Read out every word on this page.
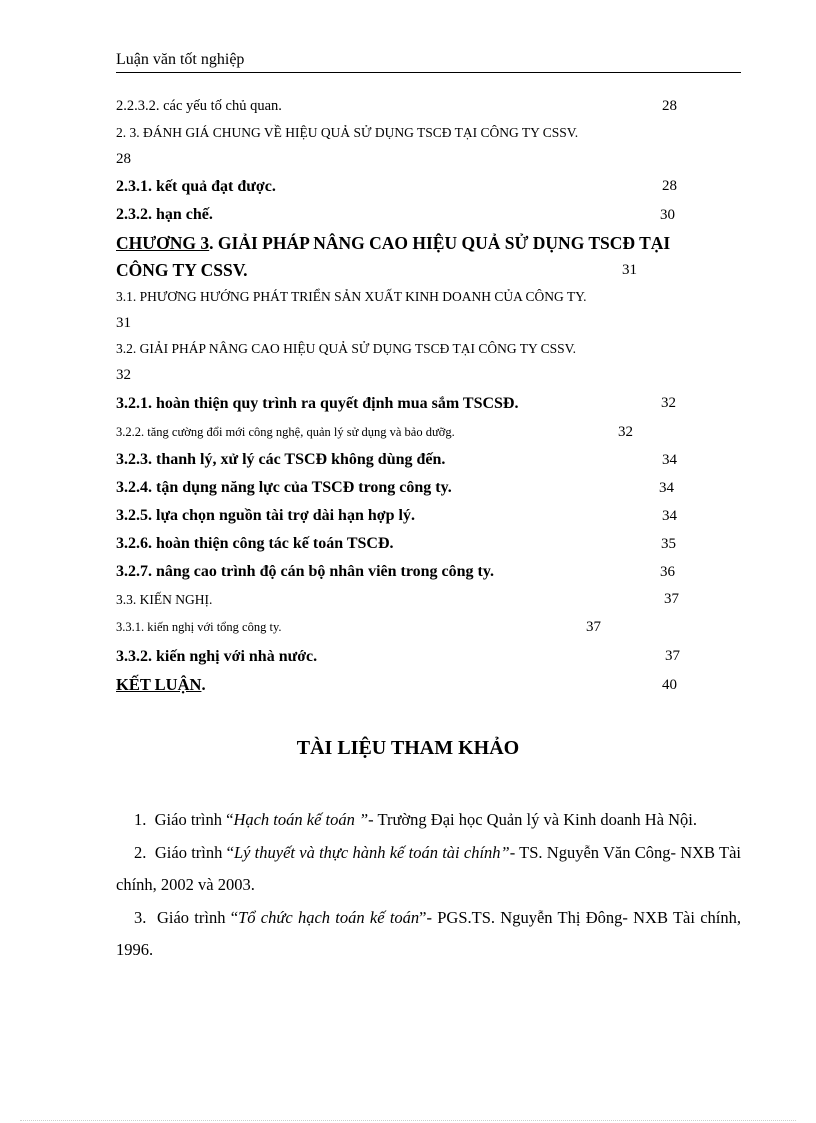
Luận văn tốt nghiệp
2.2.3.2. các yếu tố chủ quan.	28
2. 3. ĐÁNH GIÁ CHUNG VỀ HIỆU QUẢ SỬ DỤNG TSCĐ TẠI CÔNG TY CSSV.
28
2.3.1. kết quả đạt được.	28
2.3.2. hạn chế.	30
CHƯƠNG 3. GIẢI PHÁP NÂNG CAO HIỆU QUẢ SỬ DỤNG TSCĐ TẠI
CÔNG TY CSSV.	31
3.1. PHƯƠNG HƯỚNG PHÁT TRIỂN SẢN XUẤT KINH DOANH CỦA CÔNG TY.
31
3.2. GIẢI PHÁP NÂNG CAO HIỆU QUẢ SỬ DỤNG TSCĐ TẠI CÔNG TY CSSV.
32
3.2.1. hoàn thiện quy trình ra quyết định mua sắm TSCSĐ.	32
3.2.2. tăng cường đổi mới công nghệ, quản lý sử dụng và bảo dưỡg.	32
3.2.3. thanh lý, xử lý các TSCĐ không dùng đến.	34
3.2.4. tận dụng năng lực của TSCĐ trong công ty.	34
3.2.5. lựa chọn nguồn tài trợ dài hạn hợp lý.	34
3.2.6. hoàn thiện công tác kế toán TSCĐ.	35
3.2.7. nâng cao trình độ cán bộ nhân viên trong công ty.	36
3.3. KIẾN NGHỊ.	37
3.3.1. kiến nghị với tổng công ty.	37
3.3.2. kiến nghị với nhà nước.	37
KẾT LUẬN.	40
TÀI LIỆU THAM KHẢO

1. Giáo trình “Hạch toán kế toán ”- Trường Đại học Quản lý và Kinh doanh Hà Nội.

2. Giáo trình “Lý thuyết và thực hành kế toán tài chính”- TS. Nguyễn Văn Công- NXB Tài chính, 2002 và 2003.

3. Giáo trình “Tổ chức hạch toán kế toán”- PGS.TS. Nguyễn Thị Đông- NXB Tài chính, 1996.
